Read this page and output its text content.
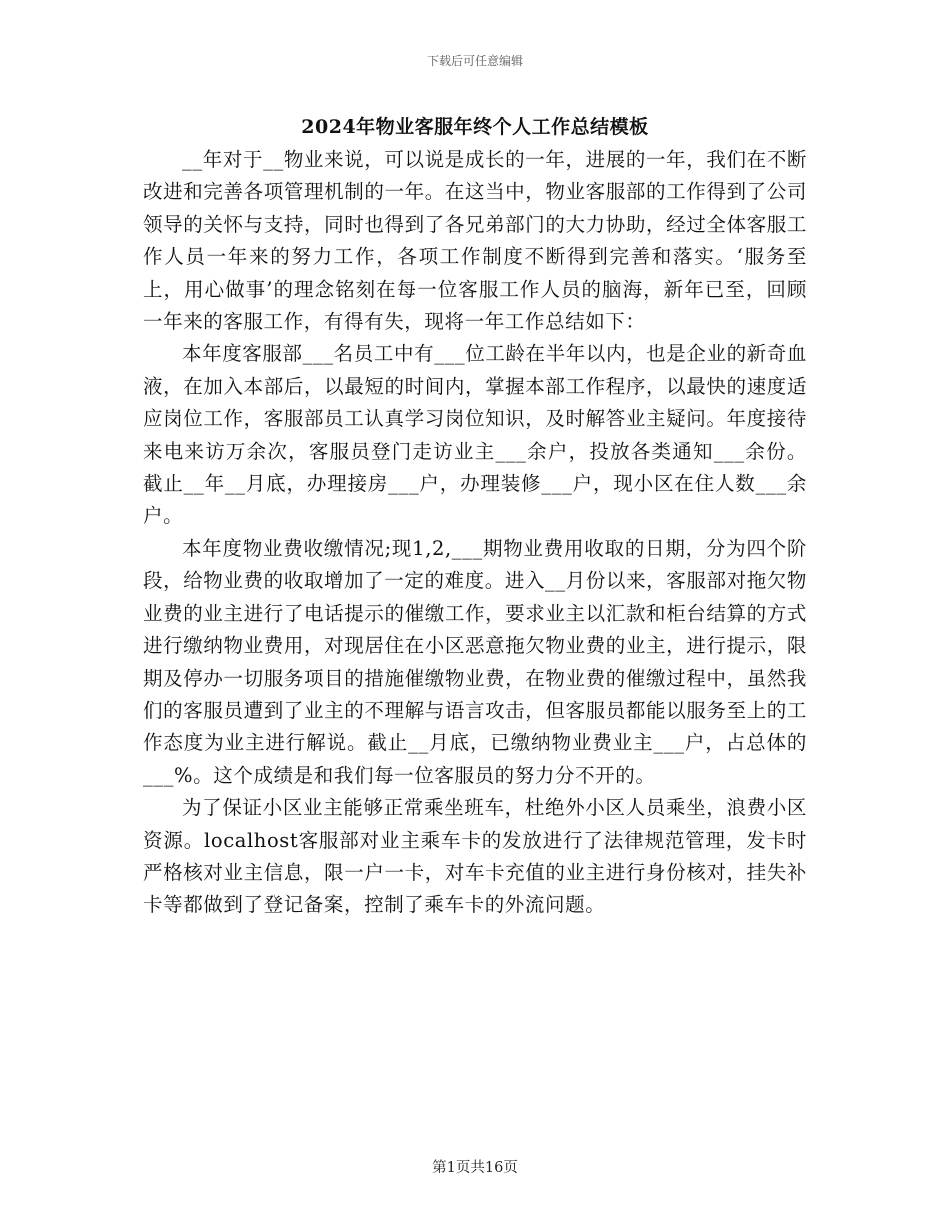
下载后可任意编辑
2024年物业客服年终个人工作总结模板

__年对于__物业来说，可以说是成长的一年，进展的一年，我们在不断改进和完善各项管理机制的一年。在这当中，物业客服部的工作得到了公司领导的关怀与支持，同时也得到了各兄弟部门的大力协助，经过全体客服工作人员一年来的努力工作，各项工作制度不断得到完善和落实。‘服务至上，用心做事’的理念铭刻在每一位客服工作人员的脑海，新年已至，回顾一年来的客服工作，有得有失，现将一年工作总结如下：

本年度客服部___名员工中有___位工龄在半年以内，也是企业的新奇血液，在加入本部后，以最短的时间内，掌握本部工作程序，以最快的速度适应岗位工作，客服部员工认真学习岗位知识，及时解答业主疑问。年度接待来电来访万余次，客服员登门走访业主___余户，投放各类通知___余份。截止__年__月底，办理接房___户，办理装修___户，现小区在住人数___余户。

本年度物业费收缴情况;现1,2,___期物业费用收取的日期，分为四个阶段，给物业费的收取增加了一定的难度。进入__月份以来，客服部对拖欠物业费的业主进行了电话提示的催缴工作，要求业主以汇款和柜台结算的方式进行缴纳物业费用，对现居住在小区恶意拖欠物业费的业主，进行提示，限期及停办一切服务项目的措施催缴物业费，在物业费的催缴过程中，虽然我们的客服员遭到了业主的不理解与语言攻击，但客服员都能以服务至上的工作态度为业主进行解说。截止__月底，已缴纳物业费业主___户，占总体的___%。这个成绩是和我们每一位客服员的努力分不开的。

为了保证小区业主能够正常乘坐班车，杜绝外小区人员乘坐，浪费小区资源。localhost客服部对业主乘车卡的发放进行了法律规范管理，发卡时严格核对业主信息，限一户一卡，对车卡充值的业主进行身份核对，挂失补卡等都做到了登记备案，控制了乘车卡的外流问题。

第1页共16页
